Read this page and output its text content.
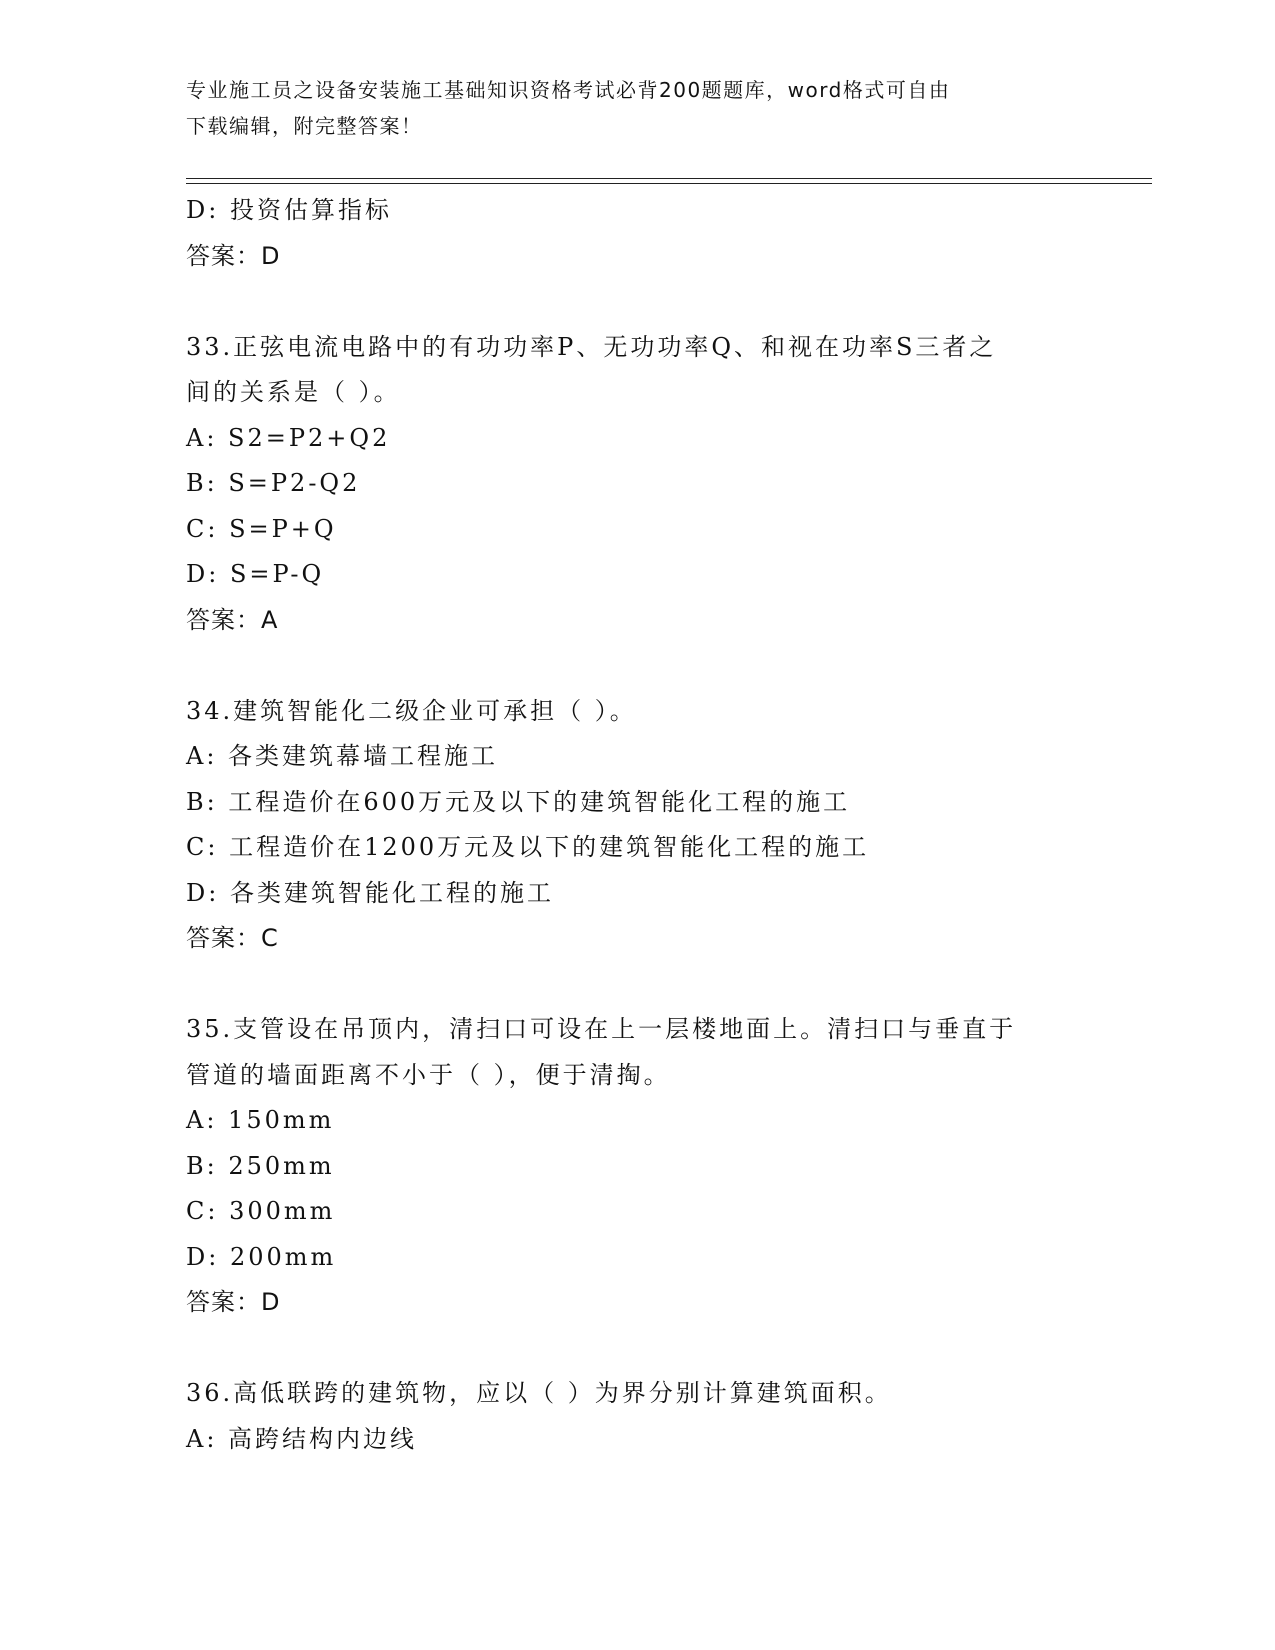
专业施工员之设备安装施工基础知识资格考试必背200题题库，word格式可自由
下载编辑，附完整答案！
D: 投资估算指标
答案：D
33.正弦电流电路中的有功功率P、无功功率Q、和视在功率S三者之
间的关系是（ ）。
A: S2=P2+Q2
B: S=P2-Q2
C: S=P+Q
D: S=P-Q
答案：A
34.建筑智能化二级企业可承担（ ）。
A: 各类建筑幕墙工程施工
B: 工程造价在600万元及以下的建筑智能化工程的施工
C: 工程造价在1200万元及以下的建筑智能化工程的施工
D: 各类建筑智能化工程的施工
答案：C
35.支管设在吊顶内，清扫口可设在上一层楼地面上。清扫口与垂直于
管道的墙面距离不小于（ ），便于清掏。
A: 150mm
B: 250mm
C: 300mm
D: 200mm
答案：D
36.高低联跨的建筑物，应以（ ）为界分别计算建筑面积。
A: 高跨结构内边线
